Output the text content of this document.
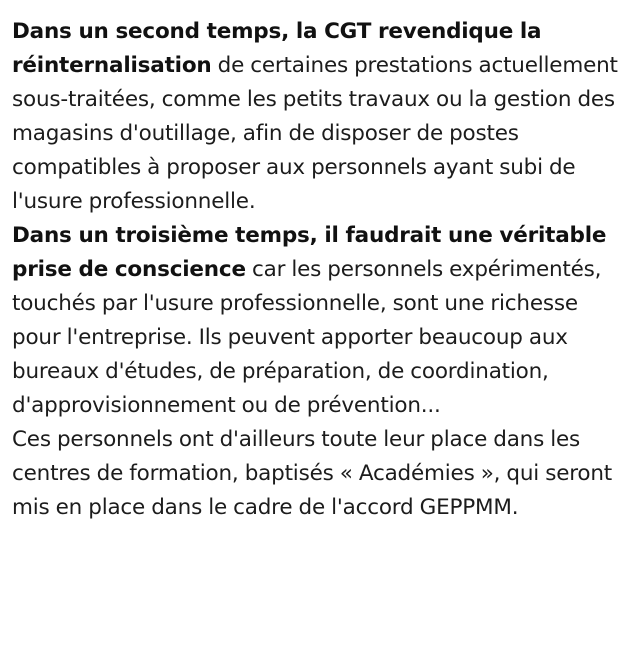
Dans un second temps, la CGT revendique la réinternalisation de certaines prestations actuellement sous-traitées, comme les petits travaux ou la gestion des magasins d'outillage, afin de disposer de postes compatibles à proposer aux personnels ayant subi de l'usure professionnelle.

Dans un troisième temps, il faudrait une véritable prise de conscience car les personnels expérimentés, touchés par l'usure professionnelle, sont une richesse pour l'entreprise. Ils peuvent apporter beaucoup aux bureaux d'études, de préparation, de coordination, d'approvisionnement ou de prévention...

Ces personnels ont d'ailleurs toute leur place dans les centres de formation, baptisés « Académies », qui seront mis en place dans le cadre de l'accord GEPPMM.
